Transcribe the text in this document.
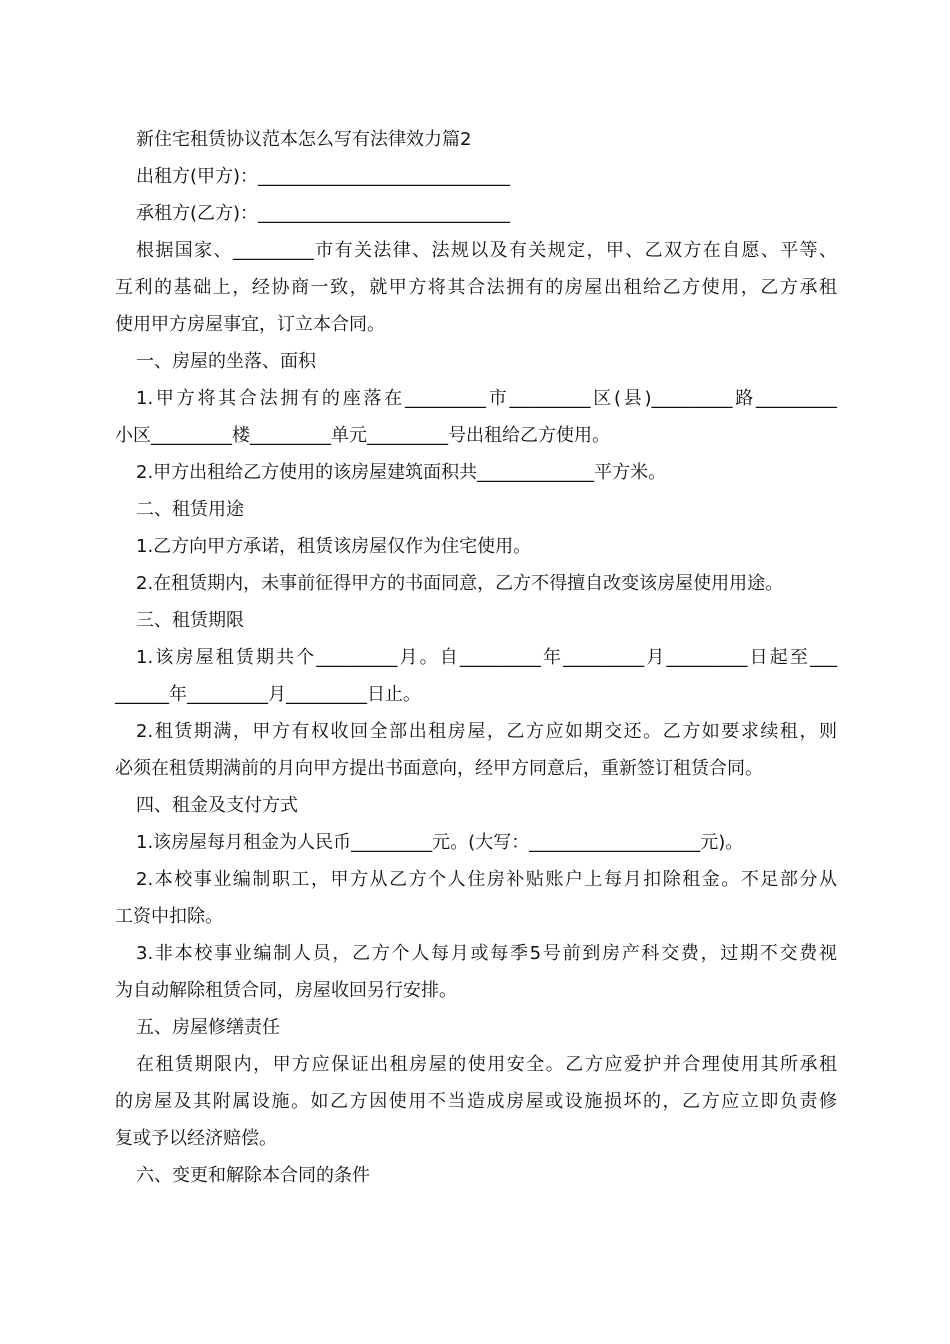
新住宅租赁协议范本怎么写有法律效力篇2
出租方(甲方)：____________________________
承租方(乙方)：____________________________
根据国家、_________市有关法律、法规以及有关规定，甲、乙双方在自愿、平等、
互利的基础上，经协商一致，就甲方将其合法拥有的房屋出租给乙方使用，乙方承租
使用甲方房屋事宜，订立本合同。
一、房屋的坐落、面积
1.甲方将其合法拥有的座落在_________市_________区(县)_________路_________
小区_________楼_________单元_________号出租给乙方使用。
2.甲方出租给乙方使用的该房屋建筑面积共_____________平方米。
二、租赁用途
1.乙方向甲方承诺，租赁该房屋仅作为住宅使用。
2.在租赁期内，未事前征得甲方的书面同意，乙方不得擅自改变该房屋使用用途。
三、租赁期限
1.该房屋租赁期共个_________月。自_________年_________月_________日起至___
______年_________月_________日止。
2.租赁期满，甲方有权收回全部出租房屋，乙方应如期交还。乙方如要求续租，则
必须在租赁期满前的月向甲方提出书面意向，经甲方同意后，重新签订租赁合同。
四、租金及支付方式
1.该房屋每月租金为人民币_________元。(大写：___________________元)。
2.本校事业编制职工，甲方从乙方个人住房补贴账户上每月扣除租金。不足部分从
工资中扣除。
3.非本校事业编制人员，乙方个人每月或每季5号前到房产科交费，过期不交费视
为自动解除租赁合同，房屋收回另行安排。
五、房屋修缮责任
在租赁期限内，甲方应保证出租房屋的使用安全。乙方应爱护并合理使用其所承租
的房屋及其附属设施。如乙方因使用不当造成房屋或设施损坏的，乙方应立即负责修
复或予以经济赔偿。
六、变更和解除本合同的条件
